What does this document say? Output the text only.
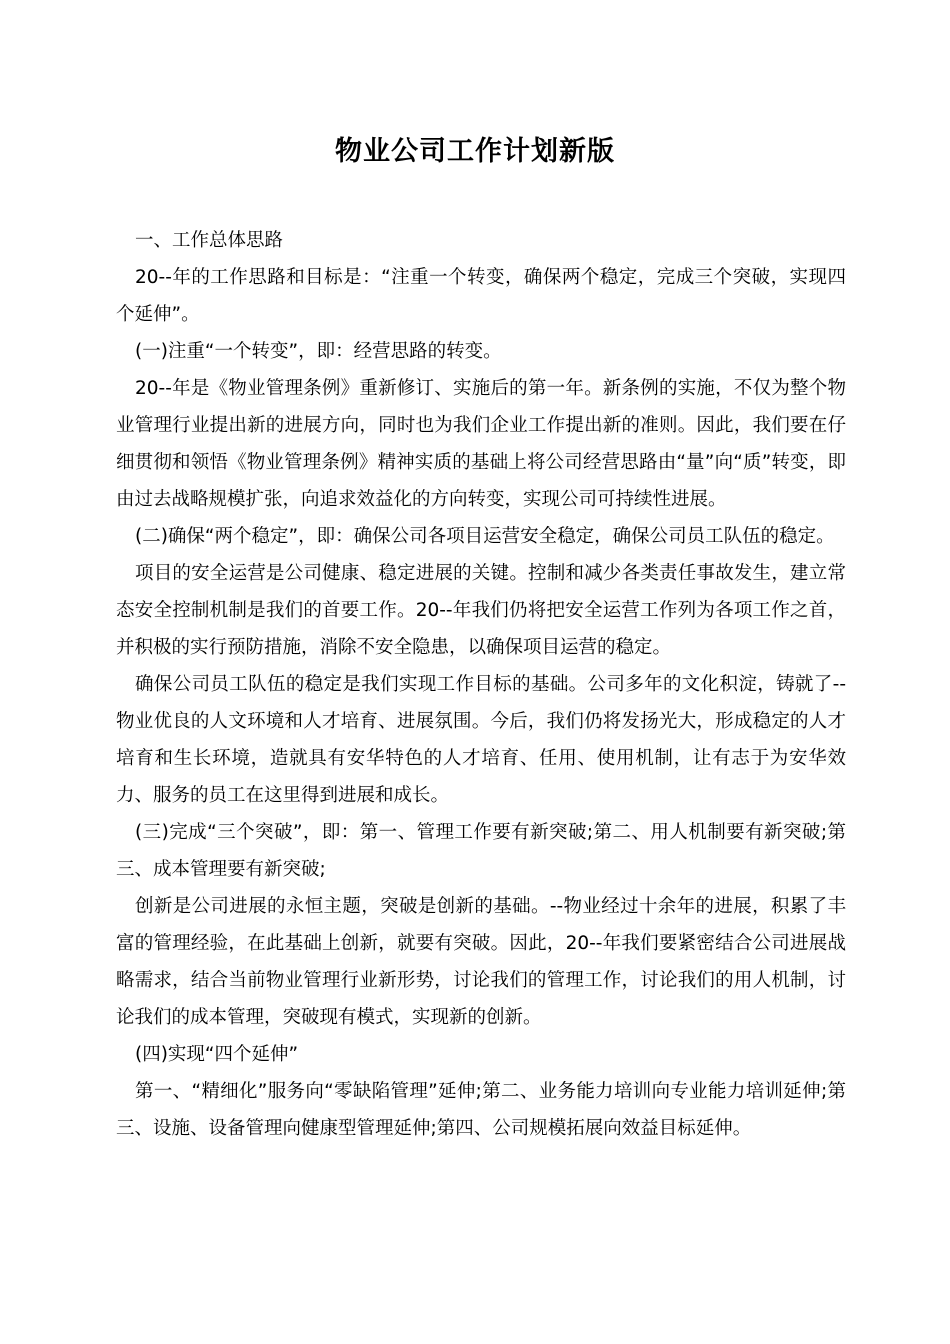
物业公司工作计划新版

一、工作总体思路

20--年的工作思路和目标是：“注重一个转变，确保两个稳定，完成三个突破，实现四个延伸”。

(一)注重“一个转变”，即：经营思路的转变。

20--年是《物业管理条例》重新修订、实施后的第一年。新条例的实施，不仅为整个物业管理行业提出新的进展方向，同时也为我们企业工作提出新的准则。因此，我们要在仔细贯彻和领悟《物业管理条例》精神实质的基础上将公司经营思路由“量”向“质”转变，即由过去战略规模扩张，向追求效益化的方向转变，实现公司可持续性进展。

(二)确保“两个稳定”，即：确保公司各项目运营安全稳定，确保公司员工队伍的稳定。

项目的安全运营是公司健康、稳定进展的关键。控制和减少各类责任事故发生，建立常态安全控制机制是我们的首要工作。20--年我们仍将把安全运营工作列为各项工作之首，并积极的实行预防措施，消除不安全隐患，以确保项目运营的稳定。

确保公司员工队伍的稳定是我们实现工作目标的基础。公司多年的文化积淀，铸就了--物业优良的人文环境和人才培育、进展氛围。今后，我们仍将发扬光大，形成稳定的人才培育和生长环境，造就具有安华特色的人才培育、任用、使用机制，让有志于为安华效力、服务的员工在这里得到进展和成长。

(三)完成“三个突破”，即：第一、管理工作要有新突破;第二、用人机制要有新突破;第三、成本管理要有新突破;

创新是公司进展的永恒主题，突破是创新的基础。--物业经过十余年的进展，积累了丰富的管理经验，在此基础上创新，就要有突破。因此，20--年我们要紧密结合公司进展战略需求，结合当前物业管理行业新形势，讨论我们的管理工作，讨论我们的用人机制，讨论我们的成本管理，突破现有模式，实现新的创新。

(四)实现“四个延伸”

第一、“精细化”服务向“零缺陷管理”延伸;第二、业务能力培训向专业能力培训延伸;第三、设施、设备管理向健康型管理延伸;第四、公司规模拓展向效益目标延伸。
